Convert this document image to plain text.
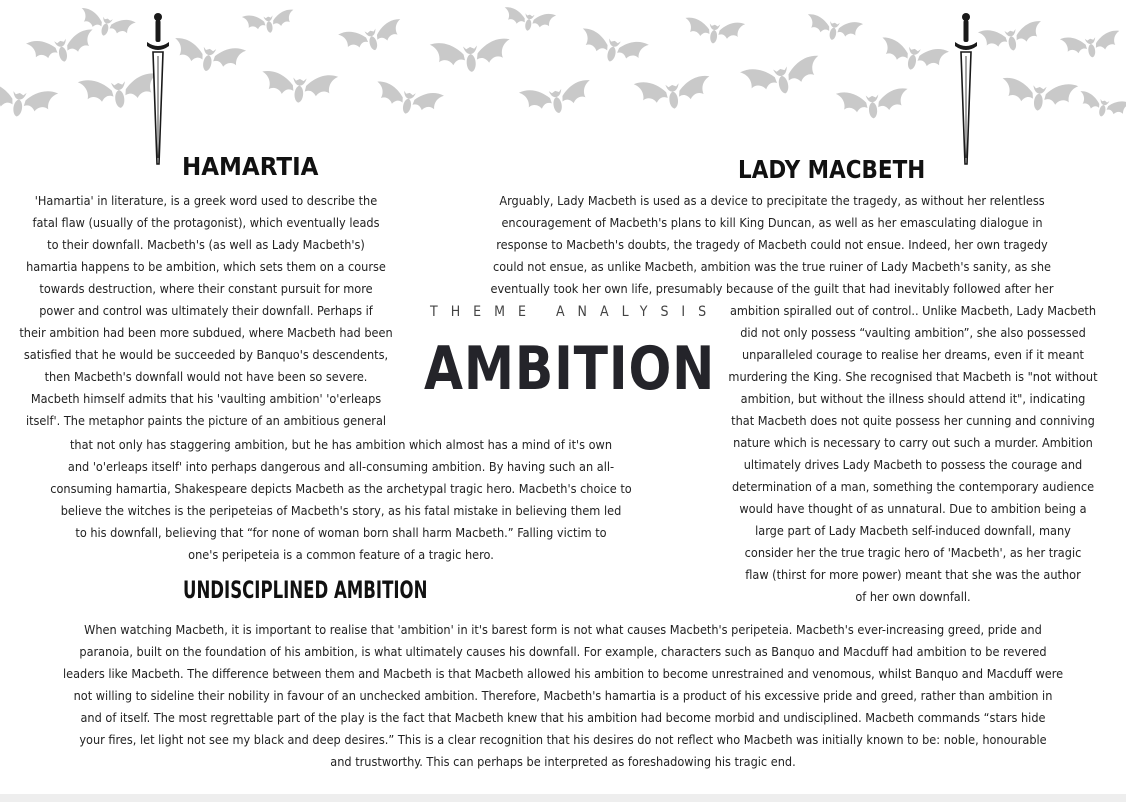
HAMARTIA	LADY MACBETH
UNDISCIPLINED AMBITION
THEME ANALYSIS
AMBITION
'Hamartia' in literature, is a greek word used to describe the
fatal flaw (usually of the protagonist), which eventually leads
to their downfall. Macbeth's (as well as Lady Macbeth's)
hamartia happens to be ambition, which sets them on a course
towards destruction, where their constant pursuit for more
power and control was ultimately their downfall. Perhaps if
their ambition had been more subdued, where Macbeth had been
satisfied that he would be succeeded by Banquo's descendents,
then Macbeth's downfall would not have been so severe.
Macbeth himself admits that his 'vaulting ambition' 'o'erleaps
itself'. The metaphor paints the picture of an ambitious general
that not only has staggering ambition, but he has ambition which almost has a mind of it's own
and 'o'erleaps itself' into perhaps dangerous and all-consuming ambition. By having such an all-
consuming hamartia, Shakespeare depicts Macbeth as the archetypal tragic hero. Macbeth's choice to
believe the witches is the peripeteias of Macbeth's story, as his fatal mistake in believing them led
to his downfall, believing that “for none of woman born shall harm Macbeth.” Falling victim to
one's peripeteia is a common feature of a tragic hero.
Arguably, Lady Macbeth is used as a device to precipitate the tragedy, as without her relentless
encouragement of Macbeth's plans to kill King Duncan, as well as her emasculating dialogue in
response to Macbeth's doubts, the tragedy of Macbeth could not ensue. Indeed, her own tragedy
could not ensue, as unlike Macbeth, ambition was the true ruiner of Lady Macbeth's sanity, as she
eventually took her own life, presumably because of the guilt that had inevitably followed after her
ambition spiralled out of control.. Unlike Macbeth, Lady Macbeth
did not only possess “vaulting ambition”, she also possessed
unparalleled courage to realise her dreams, even if it meant
murdering the King. She recognised that Macbeth is "not without
ambition, but without the illness should attend it", indicating
that Macbeth does not quite possess her cunning and conniving
nature which is necessary to carry out such a murder. Ambition
ultimately drives Lady Macbeth to possess the courage and
determination of a man, something the contemporary audience
would have thought of as unnatural. Due to ambition being a
large part of Lady Macbeth self-induced downfall, many
consider her the true tragic hero of 'Macbeth', as her tragic
flaw (thirst for more power) meant that she was the author
of her own downfall.
When watching Macbeth, it is important to realise that 'ambition' in it's barest form is not what causes Macbeth's peripeteia. Macbeth's ever-increasing greed, pride and
paranoia, built on the foundation of his ambition, is what ultimately causes his downfall. For example, characters such as Banquo and Macduff had ambition to be revered
leaders like Macbeth. The difference between them and Macbeth is that Macbeth allowed his ambition to become unrestrained and venomous, whilst Banquo and Macduff were
not willing to sideline their nobility in favour of an unchecked ambition. Therefore, Macbeth's hamartia is a product of his excessive pride and greed, rather than ambition in
and of itself. The most regrettable part of the play is the fact that Macbeth knew that his ambition had become morbid and undisciplined. Macbeth commands “stars hide
your fires, let light not see my black and deep desires.” This is a clear recognition that his desires do not reflect who Macbeth was initially known to be: noble, honourable
and trustworthy. This can perhaps be interpreted as foreshadowing his tragic end.
